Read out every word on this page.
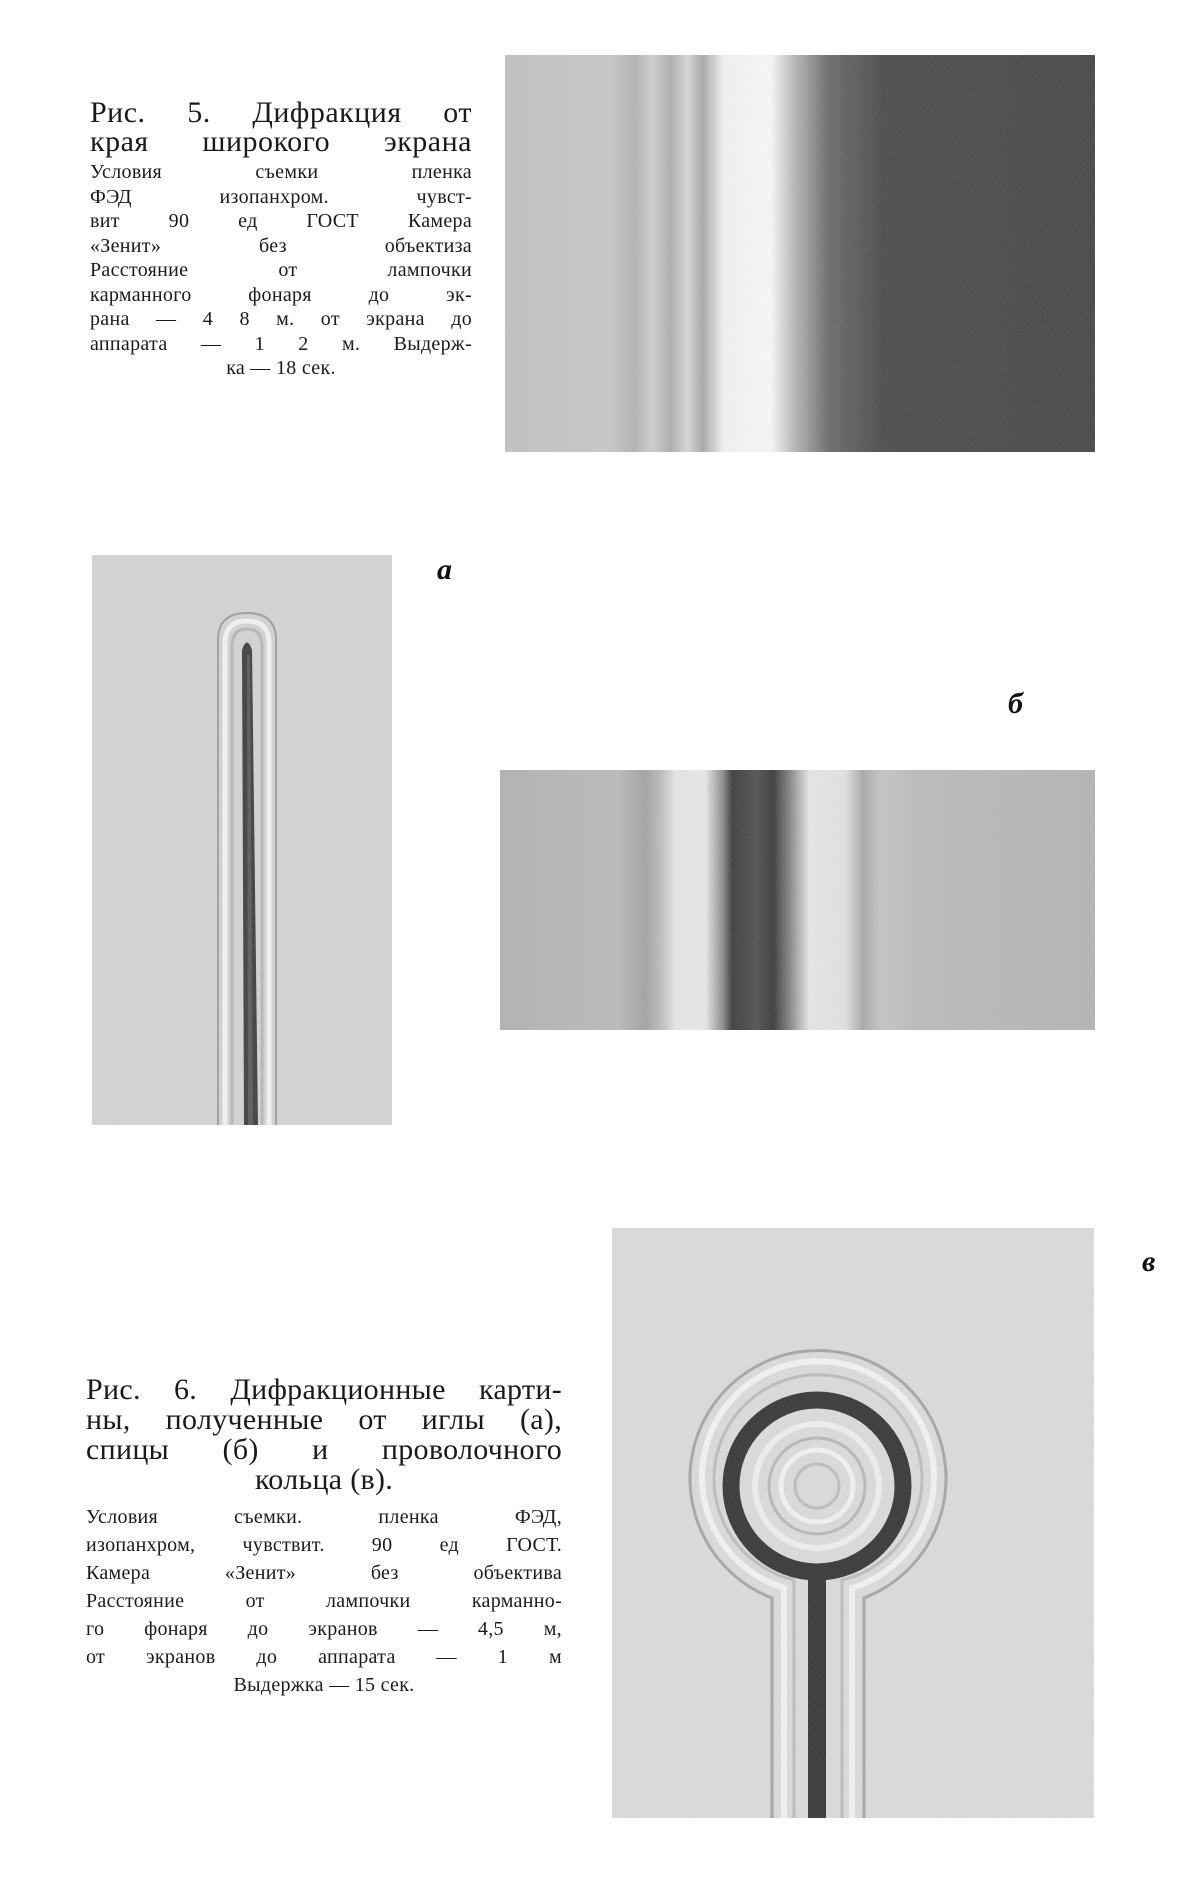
Рис. 5. Дифракция от
края широкого экрана
Условия съемки пленка
ФЭД изопанхром. чувст-
вит 90 ед ГОСТ Камера
«Зенит» без объектиза
Расстояние от лампочки
карманного фонаря до эк-
рана — 4 8 м. от экрана до
аппарата — 1 2 м. Выдерж-
ка — 18 сек.
а
б
в
Рис. 6. Дифракционные карти-
ны, полученные от иглы (а),
спицы (б) и проволочного
кольца (в).
Условия съемки. пленка ФЭД,
изопанхром, чувствит. 90 ед ГОСТ.
Камера «Зенит» без объектива
Расстояние от лампочки карманно-
го фонаря до экранов — 4,5 м,
от экранов до аппарата — 1 м
Выдержка — 15 сек.
